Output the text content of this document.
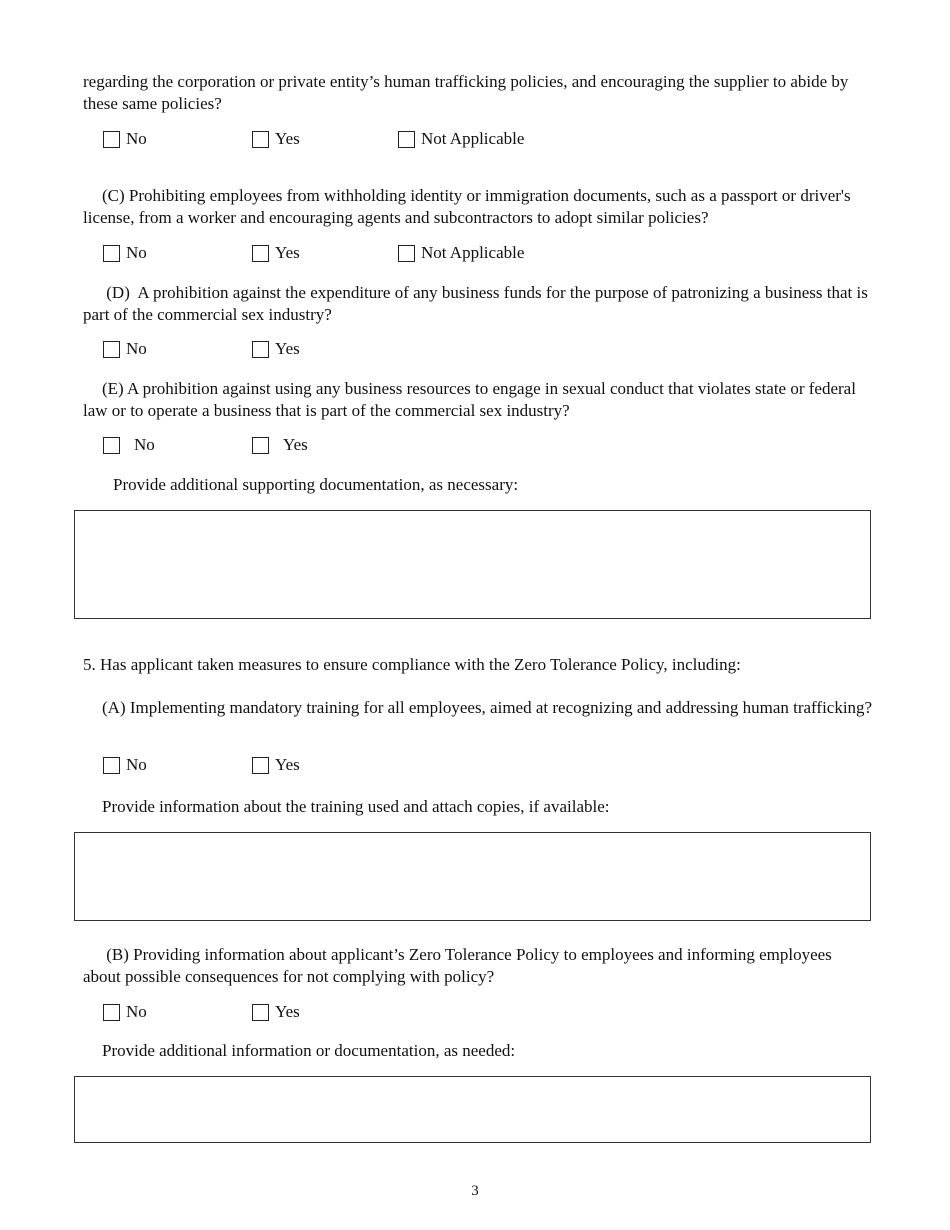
regarding the corporation or private entity’s human trafficking policies, and encouraging the supplier to abide by these same policies?

No	Yes	Not Applicable

(C) Prohibiting employees from withholding identity or immigration documents, such as a passport or driver's license, from a worker and encouraging agents and subcontractors to adopt similar policies?

No	Yes	Not Applicable

(D)  A prohibition against the expenditure of any business funds for the purpose of patronizing a business that is part of the commercial sex industry?

No	Yes

(E) A prohibition against using any business resources to engage in sexual conduct that violates state or federal law or to operate a business that is part of the commercial sex industry?

No	Yes

Provide additional supporting documentation, as necessary:

5. Has applicant taken measures to ensure compliance with the Zero Tolerance Policy, including:

(A) Implementing mandatory training for all employees, aimed at recognizing and addressing human trafficking?

No	Yes

Provide information about the training used and attach copies, if available:

(B) Providing information about applicant’s Zero Tolerance Policy to employees and informing employees about possible consequences for not complying with policy?

No	Yes

Provide additional information or documentation, as needed:

3
